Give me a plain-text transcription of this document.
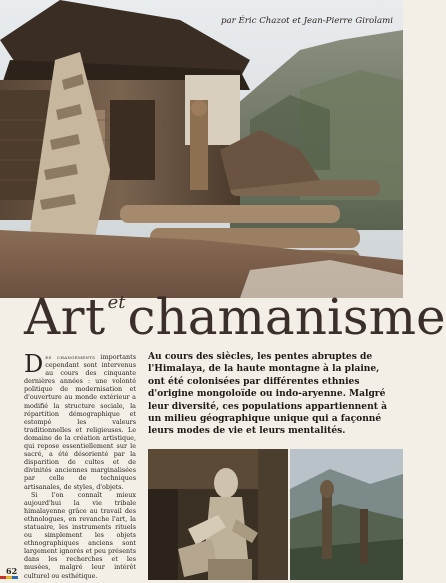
par Éric Chazot et Jean-Pierre Girolami
Art etchamanisme
Au cours des siècles, les pentes abruptes de l'Himalaya, de la haute montagne à la plaine, ont été colonisées par différentes ethnies d'origine mongoloïde ou indo-aryenne. Malgré leur diversité, ces populations appartiennent à un milieu géographique unique qui a façonné leurs modes de vie et leurs mentalités.

Des changements importants cependant sont intervenus au cours des cinquante dernières années : une volonté politique de modernisation et d'ouverture au monde extérieur a modifié la structure sociale, la répartition démographique et estompé les valeurs traditionnelles et religieuses. Le domaine de la création artistique, qui repose essentiellement sur le sacré, a été désorienté par la disparition de cultes et de divinités anciennes marginalisées par celle de techniques artisanales, de styles, d'objets.

Si l'on connaît mieux aujourd'hui la vie tribale himalayenne grâce au travail des ethnologues, en revanche l'art, la statuaire, les instruments rituels ou simplement les objets ethnographiques anciens sont largement ignorés et peu présents dans les recherches et les musées, malgré leur intérêt culturel ou esthétique.

62
